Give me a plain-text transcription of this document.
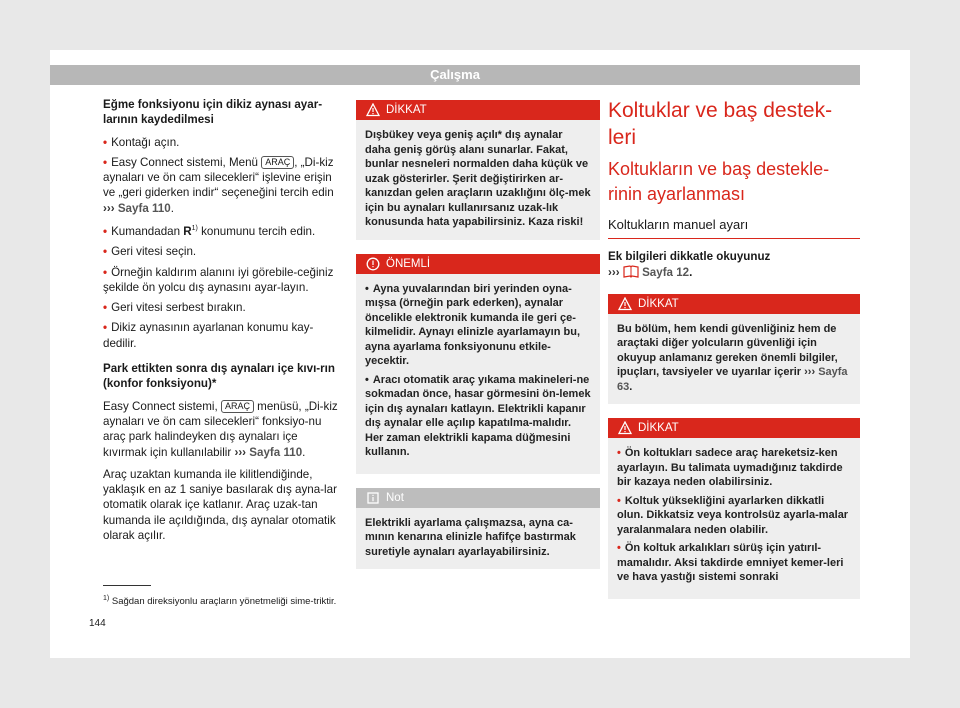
Çalışma

Eğme fonksiyonu için dikiz aynası ayar-larının kaydedilmesi

• Kontağı açın.
• Easy Connect sistemi, Menü ARAÇ , „Di-kiz aynaları ve ön cam silecekleri“ işlevine erişin ve „geri giderken indir“ seçeneğini tercih edin ››› Sayfa 110.
• Kumandadan $R^{1)}$ konumunu tercih edin.
• Geri vitesi seçin.
• Örneğin kaldırım alanını iyi görebile-ceğiniz şekilde ön yolcu dış aynasını ayar-layın.
• Geri vitesi serbest bırakın.
• Dikiz aynasının ayarlanan konumu kay-dedilir.

Park ettikten sonra dış aynaları içe kıvı-rın (konfor fonksiyonu)*

Easy Connect sistemi, ARAÇ menüsü, „Di-kiz aynaları ve ön cam silecekleri“ fonksiyo-nu araç park halindeyken dış aynaları içe kıvırmak için kullanılabilir ››› Sayfa 110.

Araç uzaktan kumanda ile kilitlendiğinde, yaklaşık en az 1 saniye basılarak dış ayna-lar otomatik olarak içe katlanır. Araç uzak-tan kumanda ile açıldığında, dış aynalar otomatik olarak açılır.

DİKKAT
Dışbükey veya geniş açılı* dış aynalar daha geniş görüş alanı sunarlar. Fakat, bunlar nesneleri normalden daha küçük ve uzak gösterirler. Şerit değiştirirken ar-kanızdan gelen araçların uzaklığını ölç-mek için bu aynaları kullanırsanız uzak-lık konusunda hata yapabilirsiniz. Kaza riski!
ÖNEMLİ
• Ayna yuvalarından biri yerinden oyna-mışsa (örneğin park ederken), aynalar öncelikle elektronik kumanda ile geri çe-kilmelidir. Aynayı elinizle ayarlamayın bu, ayna ayarlama fonksiyonunu etkile-yecektir.
• Aracı otomatik araç yıkama makineleri-ne sokmadan önce, hasar görmesini ön-lemek için dış aynaları katlayın. Elektrikli kapanır dış aynalar elle açılıp kapatılma-malıdır. Her zaman elektrikli kapama düğmesini kullanın.
Not
Elektrikli ayarlama çalışmazsa, ayna ca-mının kenarına elinizle hafifçe bastırmak suretiyle aynaları ayarlayabilirsiniz.
Koltuklar ve baş destek-leri
Koltukların ve baş destekle-rinin ayarlanması
Koltukların manuel ayarı

Ek bilgileri dikkatle okuyunuz
››› Sayfa 12.

DİKKAT
Bu bölüm, hem kendi güvenliğiniz hem de araçtaki diğer yolcuların güvenliği için okuyup anlamanız gereken önemli bilgiler, ipuçları, tavsiyeler ve uyarılar içerir ››› Sayfa 63.
DİKKAT
• Ön koltukları sadece araç hareketsiz-ken ayarlayın. Bu talimata uymadığınız takdirde bir kazaya neden olabilirsiniz.
• Koltuk yüksekliğini ayarlarken dikkatli olun. Dikkatsiz veya kontrolsüz ayarla-malar yaralanmalara neden olabilir.
• Ön koltuk arkalıkları sürüş için yatırıl-mamalıdır. Aksi takdirde emniyet kemer-leri ve hava yastığı sistemi sonraki
$^{1)}$ Sağdan direksiyonlu araçların yönetmeliği sime-triktir.
144
